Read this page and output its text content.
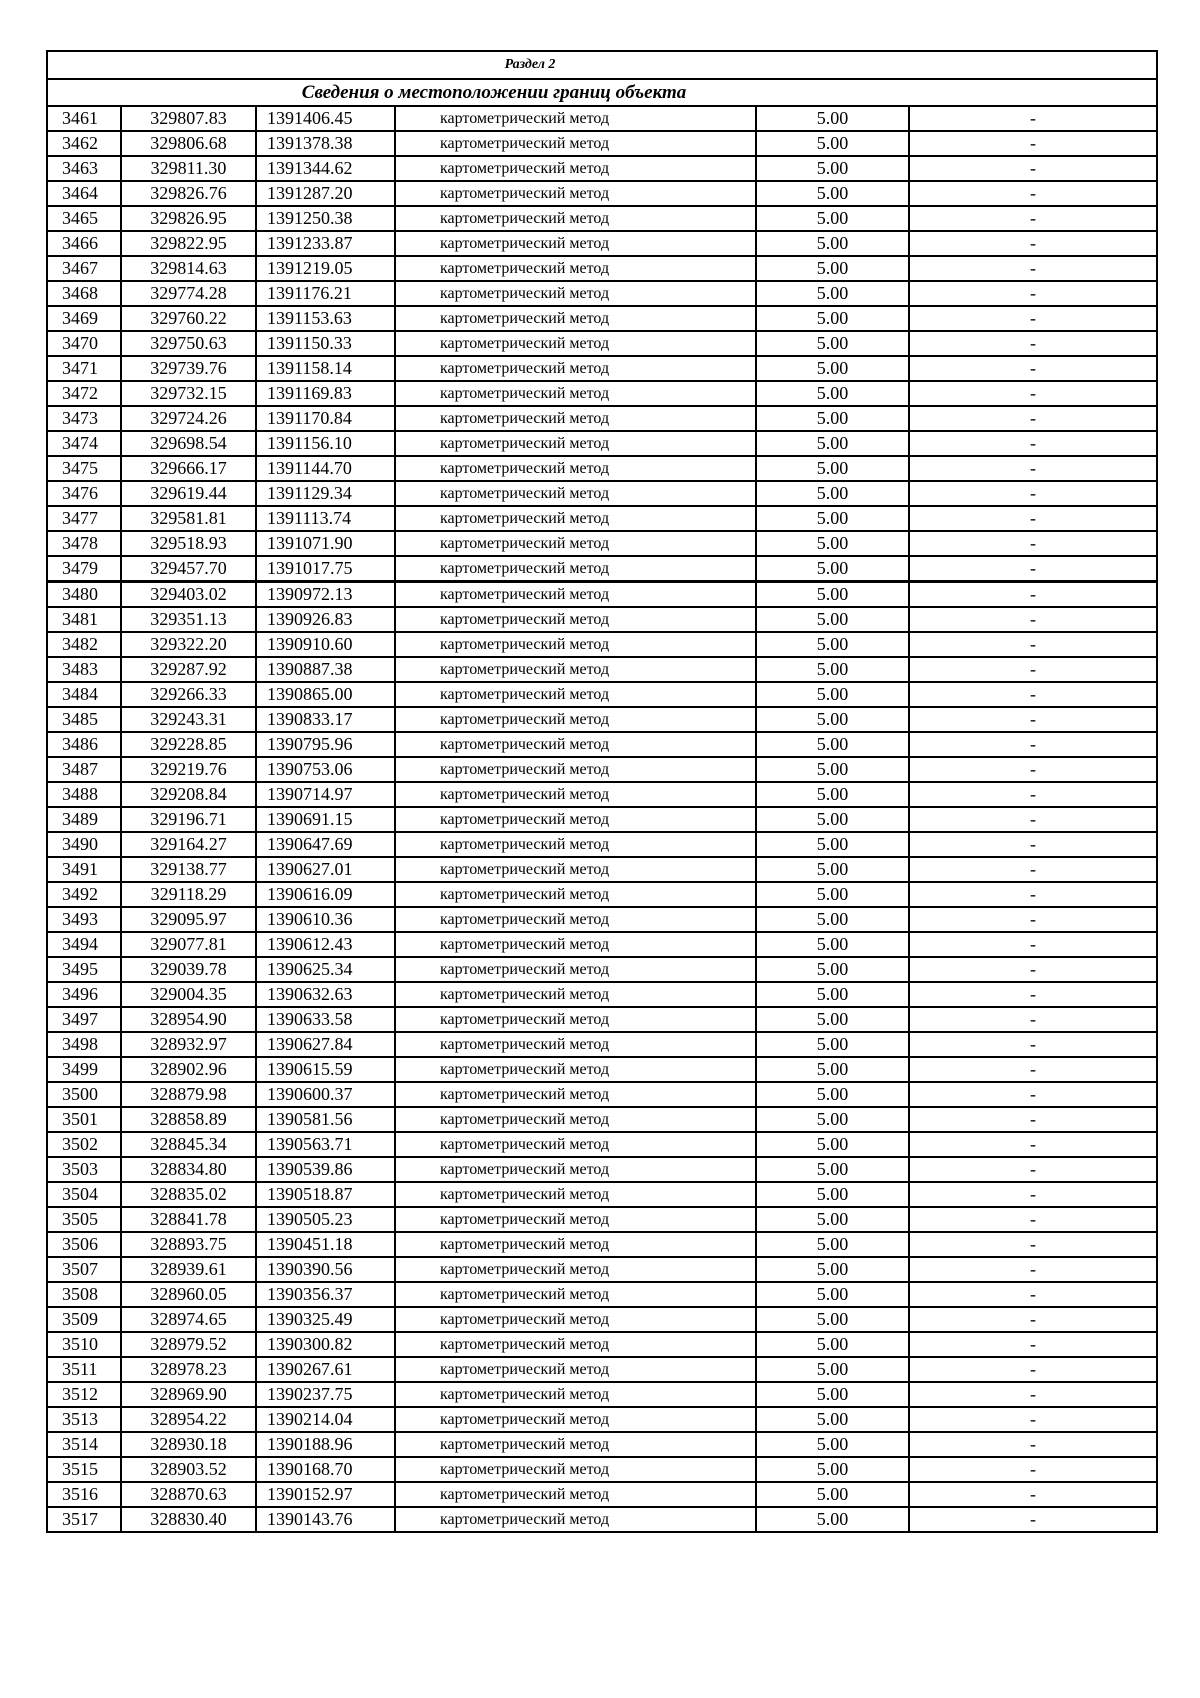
Раздел 2					
Сведения о местоположении границ объекта					
3461	329807.83	1391406.45	картометрический метод	5.00	-
3462	329806.68	1391378.38	картометрический метод	5.00	-
3463	329811.30	1391344.62	картометрический метод	5.00	-
3464	329826.76	1391287.20	картометрический метод	5.00	-
3465	329826.95	1391250.38	картометрический метод	5.00	-
3466	329822.95	1391233.87	картометрический метод	5.00	-
3467	329814.63	1391219.05	картометрический метод	5.00	-
3468	329774.28	1391176.21	картометрический метод	5.00	-
3469	329760.22	1391153.63	картометрический метод	5.00	-
3470	329750.63	1391150.33	картометрический метод	5.00	-
3471	329739.76	1391158.14	картометрический метод	5.00	-
3472	329732.15	1391169.83	картометрический метод	5.00	-
3473	329724.26	1391170.84	картометрический метод	5.00	-
3474	329698.54	1391156.10	картометрический метод	5.00	-
3475	329666.17	1391144.70	картометрический метод	5.00	-
3476	329619.44	1391129.34	картометрический метод	5.00	-
3477	329581.81	1391113.74	картометрический метод	5.00	-
3478	329518.93	1391071.90	картометрический метод	5.00	-
3479	329457.70	1391017.75	картометрический метод	5.00	-
3480	329403.02	1390972.13	картометрический метод	5.00	-
3481	329351.13	1390926.83	картометрический метод	5.00	-
3482	329322.20	1390910.60	картометрический метод	5.00	-
3483	329287.92	1390887.38	картометрический метод	5.00	-
3484	329266.33	1390865.00	картометрический метод	5.00	-
3485	329243.31	1390833.17	картометрический метод	5.00	-
3486	329228.85	1390795.96	картометрический метод	5.00	-
3487	329219.76	1390753.06	картометрический метод	5.00	-
3488	329208.84	1390714.97	картометрический метод	5.00	-
3489	329196.71	1390691.15	картометрический метод	5.00	-
3490	329164.27	1390647.69	картометрический метод	5.00	-
3491	329138.77	1390627.01	картометрический метод	5.00	-
3492	329118.29	1390616.09	картометрический метод	5.00	-
3493	329095.97	1390610.36	картометрический метод	5.00	-
3494	329077.81	1390612.43	картометрический метод	5.00	-
3495	329039.78	1390625.34	картометрический метод	5.00	-
3496	329004.35	1390632.63	картометрический метод	5.00	-
3497	328954.90	1390633.58	картометрический метод	5.00	-
3498	328932.97	1390627.84	картометрический метод	5.00	-
3499	328902.96	1390615.59	картометрический метод	5.00	-
3500	328879.98	1390600.37	картометрический метод	5.00	-
3501	328858.89	1390581.56	картометрический метод	5.00	-
3502	328845.34	1390563.71	картометрический метод	5.00	-
3503	328834.80	1390539.86	картометрический метод	5.00	-
3504	328835.02	1390518.87	картометрический метод	5.00	-
3505	328841.78	1390505.23	картометрический метод	5.00	-
3506	328893.75	1390451.18	картометрический метод	5.00	-
3507	328939.61	1390390.56	картометрический метод	5.00	-
3508	328960.05	1390356.37	картометрический метод	5.00	-
3509	328974.65	1390325.49	картометрический метод	5.00	-
3510	328979.52	1390300.82	картометрический метод	5.00	-
3511	328978.23	1390267.61	картометрический метод	5.00	-
3512	328969.90	1390237.75	картометрический метод	5.00	-
3513	328954.22	1390214.04	картометрический метод	5.00	-
3514	328930.18	1390188.96	картометрический метод	5.00	-
3515	328903.52	1390168.70	картометрический метод	5.00	-
3516	328870.63	1390152.97	картометрический метод	5.00	-
3517	328830.40	1390143.76	картометрический метод	5.00	-
